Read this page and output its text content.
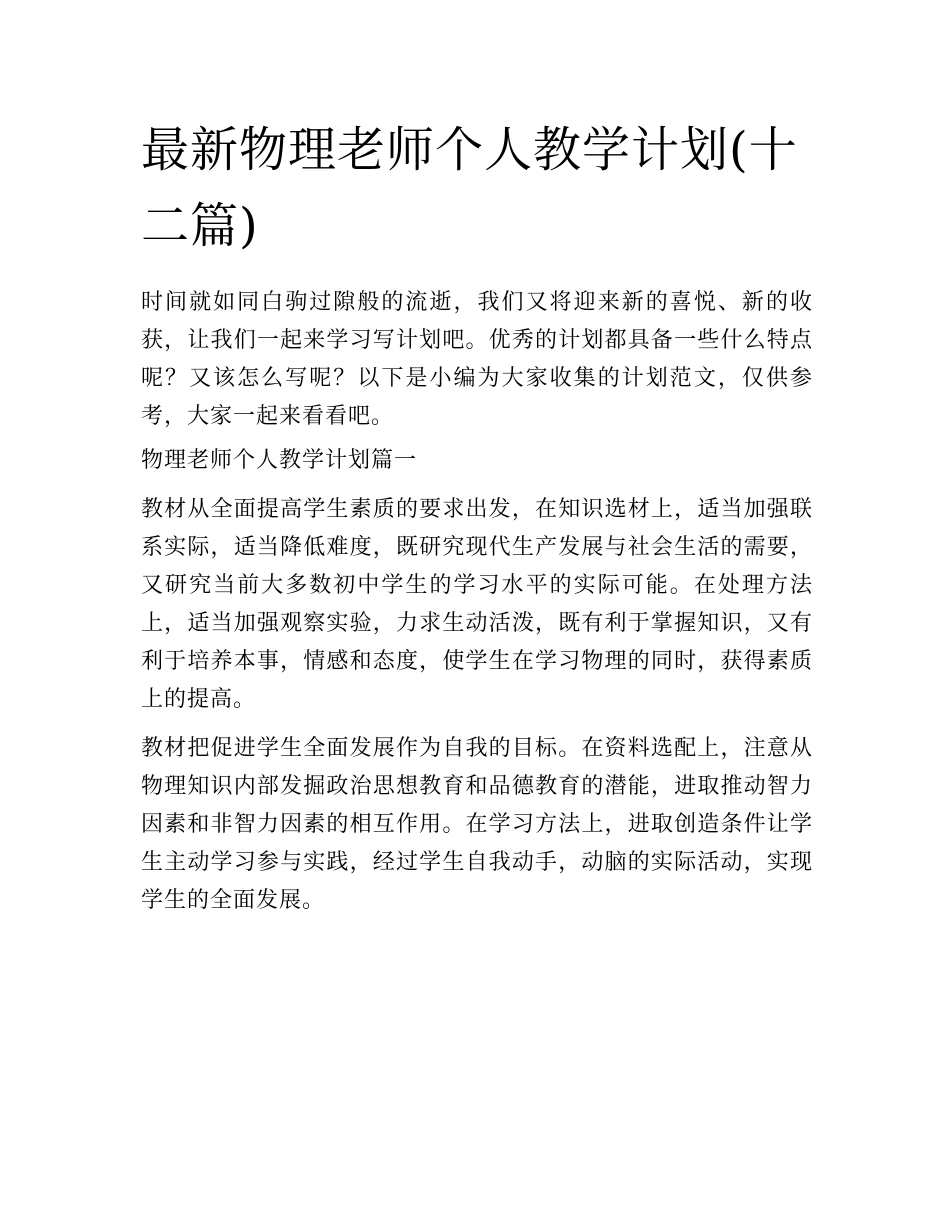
最新物理老师个人教学计划(十二篇)

时间就如同白驹过隙般的流逝，我们又将迎来新的喜悦、新的收获，让我们一起来学习写计划吧。优秀的计划都具备一些什么特点呢？又该怎么写呢？以下是小编为大家收集的计划范文，仅供参考，大家一起来看看吧。

物理老师个人教学计划篇一

教材从全面提高学生素质的要求出发，在知识选材上，适当加强联系实际，适当降低难度，既研究现代生产发展与社会生活的需要，又研究当前大多数初中学生的学习水平的实际可能。在处理方法上，适当加强观察实验，力求生动活泼，既有利于掌握知识，又有利于培养本事，情感和态度，使学生在学习物理的同时，获得素质上的提高。

教材把促进学生全面发展作为自我的目标。在资料选配上，注意从物理知识内部发掘政治思想教育和品德教育的潜能，进取推动智力因素和非智力因素的相互作用。在学习方法上，进取创造条件让学生主动学习参与实践，经过学生自我动手，动脑的实际活动，实现学生的全面发展。
